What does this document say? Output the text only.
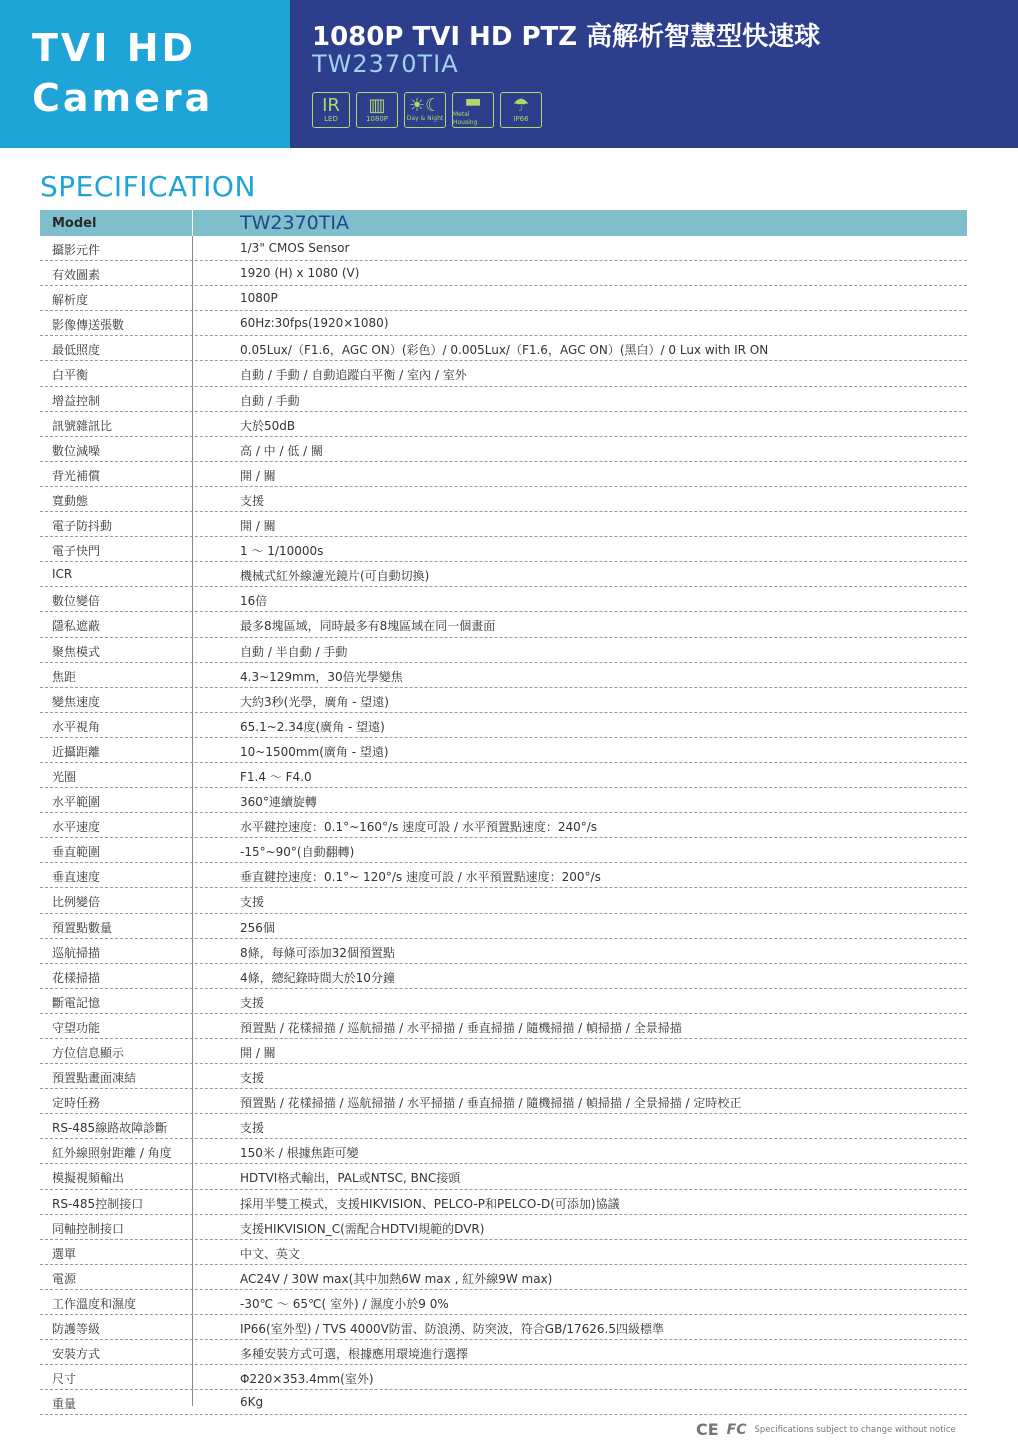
TVI HD
Camera
1080P TVI HD PTZ 高解析智慧型快速球
TW2370TIA
IR
LED
▥
1080P
☀☾
Day & Night
▬
Metal Housing
☂
IP66
SPECIFICATION
Model	TW2370TIA
攝影元件	1/3" CMOS Sensor
有效圖素	1920 (H) x 1080 (V)
解析度	1080P
影像傳送張數	60Hz:30fps(1920×1080)
最低照度	0.05Lux/（F1.6，AGC ON）(彩色）/ 0.005Lux/（F1.6，AGC ON）(黑白）/ 0 Lux with IR ON
白平衡	自動 / 手動 / 自動追蹤白平衡 / 室內 / 室外
增益控制	自動 / 手動
訊號雜訊比	大於50dB
數位減噪	高 / 中 / 低 / 關
背光補償	開 / 關
寬動態	支援
電子防抖動	開 / 關
電子快門	1 ～ 1/10000s
ICR	機械式紅外線濾光鏡片(可自動切換)
數位變倍	16倍
隱私遮蔽	最多8塊區域，同時最多有8塊區域在同一個畫面
聚焦模式	自動 / 半自動 / 手動
焦距	4.3~129mm，30倍光學變焦
變焦速度	大約3秒(光學，廣角 - 望遠)
水平視角	65.1~2.34度(廣角 - 望遠)
近攝距離	10~1500mm(廣角 - 望遠)
光圈	F1.4 ～ F4.0
水平範圍	360°連續旋轉
水平速度	水平鍵控速度：0.1°~160°/s 速度可設 / 水平預置點速度：240°/s
垂直範圍	-15°~90°(自動翻轉)
垂直速度	垂直鍵控速度：0.1°~ 120°/s 速度可設 / 水平預置點速度：200°/s
比例變倍	支援
預置點數量	256個
巡航掃描	8條，每條可添加32個預置點
花樣掃描	4條，總紀錄時間大於10分鐘
斷電記憶	支援
守望功能	預置點 / 花樣掃描 / 巡航掃描 / 水平掃描 / 垂直掃描 / 隨機掃描 / 幀掃描 / 全景掃描
方位信息顯示	開 / 關
預置點畫面凍結	支援
定時任務	預置點 / 花樣掃描 / 巡航掃描 / 水平掃描 / 垂直掃描 / 隨機掃描 / 幀掃描 / 全景掃描 / 定時校正
RS-485線路故障診斷	支援
紅外線照射距離 / 角度	150米 / 根據焦距可變
模擬視頻輸出	HDTVI格式輸出，PAL或NTSC, BNC接頭
RS-485控制接口	採用半雙工模式，支援HIKVISION、PELCO-P和PELCO-D(可添加)協議
同軸控制接口	支援HIKVISION_C(需配合HDTVI規範的DVR)
選單	中文、英文
電源	AC24V / 30W max(其中加熱6W max , 紅外線9W max)
工作溫度和濕度	-30℃ ～ 65℃( 室外) / 濕度小於9 0%
防護等級	IP66(室外型) / TVS 4000V防雷、防浪湧、防突波，符合GB/17626.5四級標準
安裝方式	多種安裝方式可選，根據應用環境進行選擇
尺寸	Φ220×353.4mm(室外)
重量	6Kg
CE FC Specifications subject to change without notice
